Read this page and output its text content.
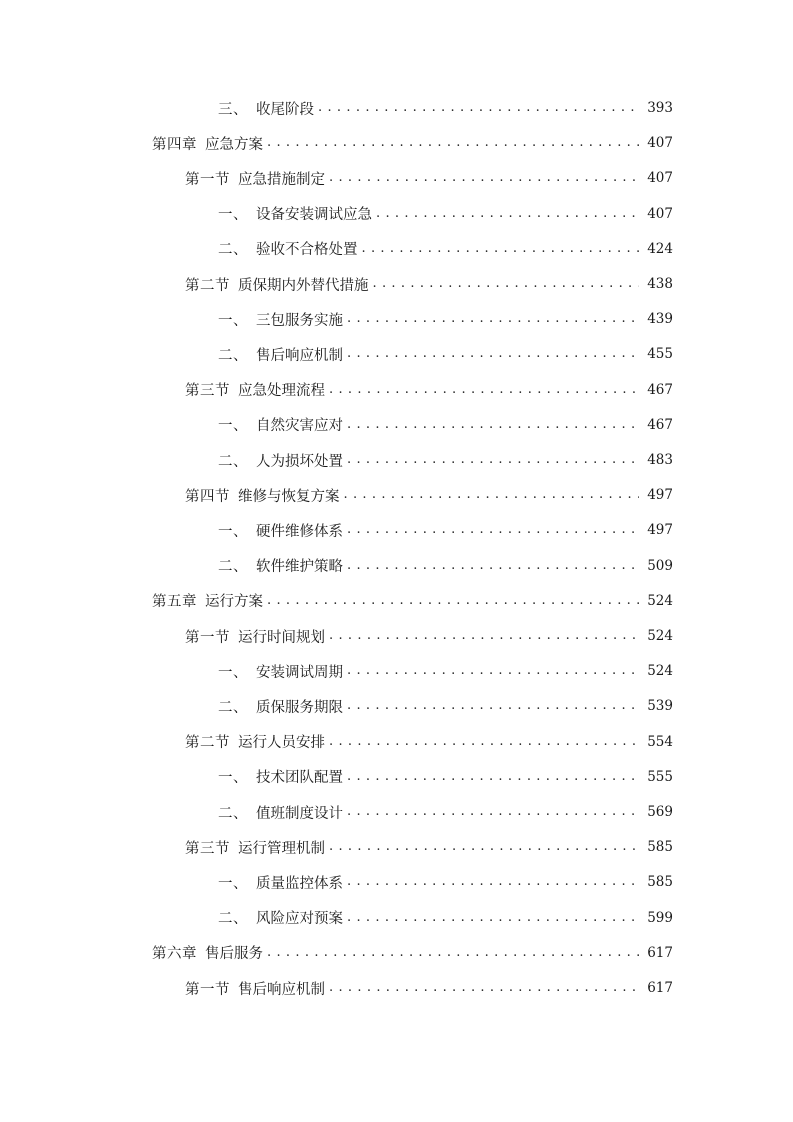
三、 收尾阶段 . . .	393
第四章 应急方案 . . .	407
第一节 应急措施制定 . . .	407
一、 设备安装调试应急 . . .	407
二、 验收不合格处置 . . .	424
第二节 质保期内外替代措施 . . .	438
一、 三包服务实施 . . .	439
二、 售后响应机制 . . .	455
第三节 应急处理流程 . . .	467
一、 自然灾害应对 . . .	467
二、 人为损坏处置 . . .	483
第四节 维修与恢复方案 . . .	497
一、 硬件维修体系 . . .	497
二、 软件维护策略 . . .	509
第五章 运行方案 . . .	524
第一节 运行时间规划 . . .	524
一、 安装调试周期 . . .	524
二、 质保服务期限 . . .	539
第二节 运行人员安排 . . .	554
一、 技术团队配置 . . .	555
二、 值班制度设计 . . .	569
第三节 运行管理机制 . . .	585
一、 质量监控体系 . . .	585
二、 风险应对预案 . . .	599
第六章 售后服务 . . .	617
第一节 售后响应机制 . . .	617
